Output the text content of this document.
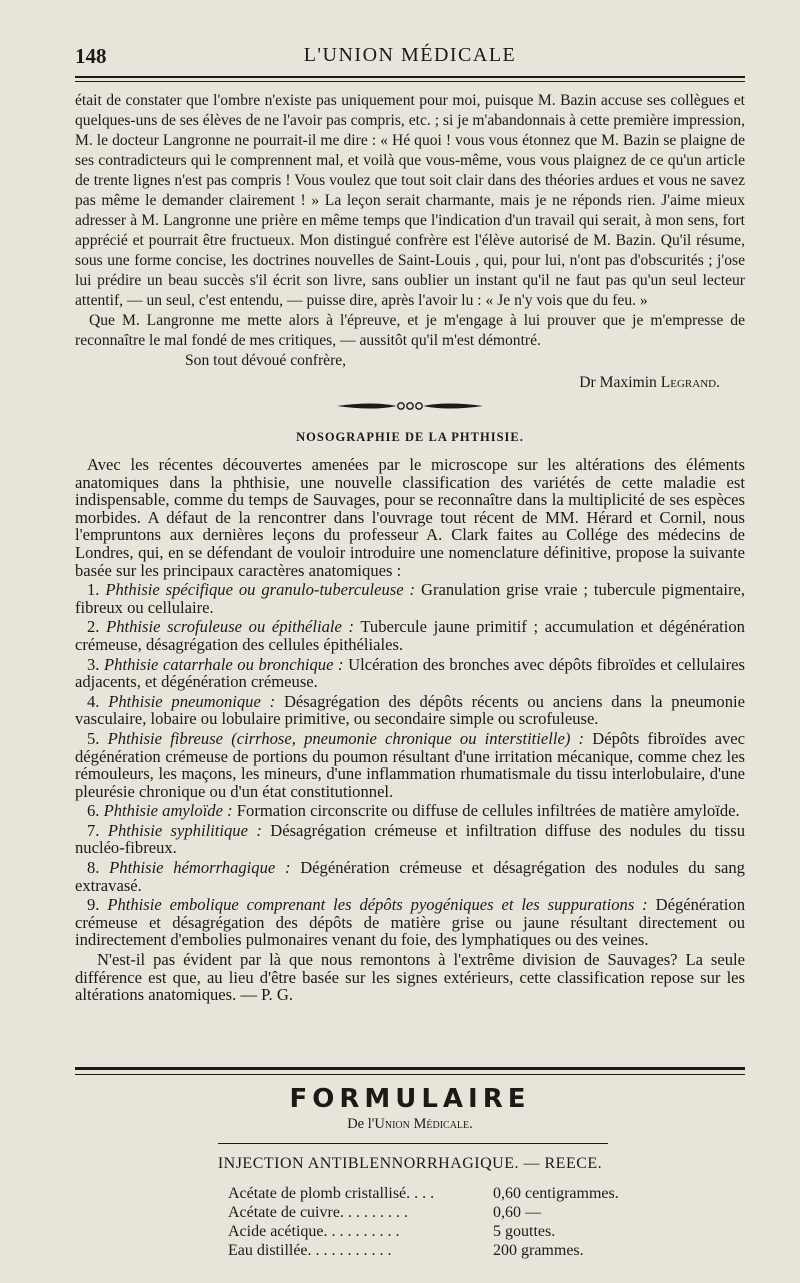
148	L'UNION MÉDICALE

était de constater que l'ombre n'existe pas uniquement pour moi, puisque M. Bazin accuse ses collègues et quelques-uns de ses élèves de ne l'avoir pas compris, etc. ; si je m'abandonnais à cette première impression, M. le docteur Langronne ne pourrait-il me dire : « Hé quoi ! vous vous étonnez que M. Bazin se plaigne de ses contradicteurs qui le comprennent mal, et voilà que vous-même, vous vous plaignez de ce qu'un article de trente lignes n'est pas compris ! Vous voulez que tout soit clair dans des théories ardues et vous ne savez pas même le demander clairement ! » La leçon serait charmante, mais je ne réponds rien. J'aime mieux adresser à M. Langronne une prière en même temps que l'indication d'un travail qui serait, à mon sens, fort apprécié et pourrait être fructueux. Mon distingué confrère est l'élève autorisé de M. Bazin. Qu'il résume, sous une forme concise, les doctrines nouvelles de Saint-Louis , qui, pour lui, n'ont pas d'obscurités ; j'ose lui prédire un beau succès s'il écrit son livre, sans oublier un instant qu'il ne faut pas qu'un seul lecteur attentif, — un seul, c'est entendu, — puisse dire, après l'avoir lu : « Je n'y vois que du feu. »

Que M. Langronne me mette alors à l'épreuve, et je m'engage à lui prouver que je m'empresse de reconnaître le mal fondé de mes critiques, — aussitôt qu'il m'est démontré.

Son tout dévoué confrère,

Dr Maximin Legrand.

NOSOGRAPHIE DE LA PHTHISIE.

Avec les récentes découvertes amenées par le microscope sur les altérations des éléments anatomiques dans la phthisie, une nouvelle classification des variétés de cette maladie est indispensable, comme du temps de Sauvages, pour se reconnaître dans la multiplicité de ses espèces morbides. A défaut de la rencontrer dans l'ouvrage tout récent de MM. Hérard et Cornil, nous l'empruntons aux dernières leçons du professeur A. Clark faites au Collége des médecins de Londres, qui, en se défendant de vouloir introduire une nomenclature définitive, propose la suivante basée sur les principaux caractères anatomiques :

1. Phthisie spécifique ou granulo-tuberculeuse : Granulation grise vraie ; tubercule pigmentaire, fibreux ou cellulaire.

2. Phthisie scrofuleuse ou épithéliale : Tubercule jaune primitif ; accumulation et dégénération crémeuse, désagrégation des cellules épithéliales.

3. Phthisie catarrhale ou bronchique : Ulcération des bronches avec dépôts fibroïdes et cellulaires adjacents, et dégénération crémeuse.

4. Phthisie pneumonique : Désagrégation des dépôts récents ou anciens dans la pneumonie vasculaire, lobaire ou lobulaire primitive, ou secondaire simple ou scrofuleuse.

5. Phthisie fibreuse (cirrhose, pneumonie chronique ou interstitielle) : Dépôts fibroïdes avec dégénération crémeuse de portions du poumon résultant d'une irritation mécanique, comme chez les rémouleurs, les maçons, les mineurs, d'une inflammation rhumatismale du tissu interlobulaire, d'une pleurésie chronique ou d'un état constitutionnel.

6. Phthisie amyloïde : Formation circonscrite ou diffuse de cellules infiltrées de matière amyloïde.

7. Phthisie syphilitique : Désagrégation crémeuse et infiltration diffuse des nodules du tissu nucléo-fibreux.

8. Phthisie hémorrhagique : Dégénération crémeuse et désagrégation des nodules du sang extravasé.

9. Phthisie embolique comprenant les dépôts pyogéniques et les suppurations : Dégénération crémeuse et désagrégation des dépôts de matière grise ou jaune résultant directement ou indirectement d'embolies pulmonaires venant du foie, des lymphatiques ou des veines.

N'est-il pas évident par là que nous remontons à l'extrême division de Sauvages? La seule différence est que, au lieu d'être basée sur les signes extérieurs, cette classification repose sur les altérations anatomiques. — P. G.

FORMULAIRE
De l'Union Médicale.
INJECTION ANTIBLENNORRHAGIQUE. — REECE.
Acétate de plomb cristallisé. . . .	0,60 centigrammes.
Acétate de cuivre. . . . . . . . .	0,60 —
Acide acétique. . . . . . . . . .	5 gouttes.
Eau distillée. . . . . . . . . . .	200 grammes.
